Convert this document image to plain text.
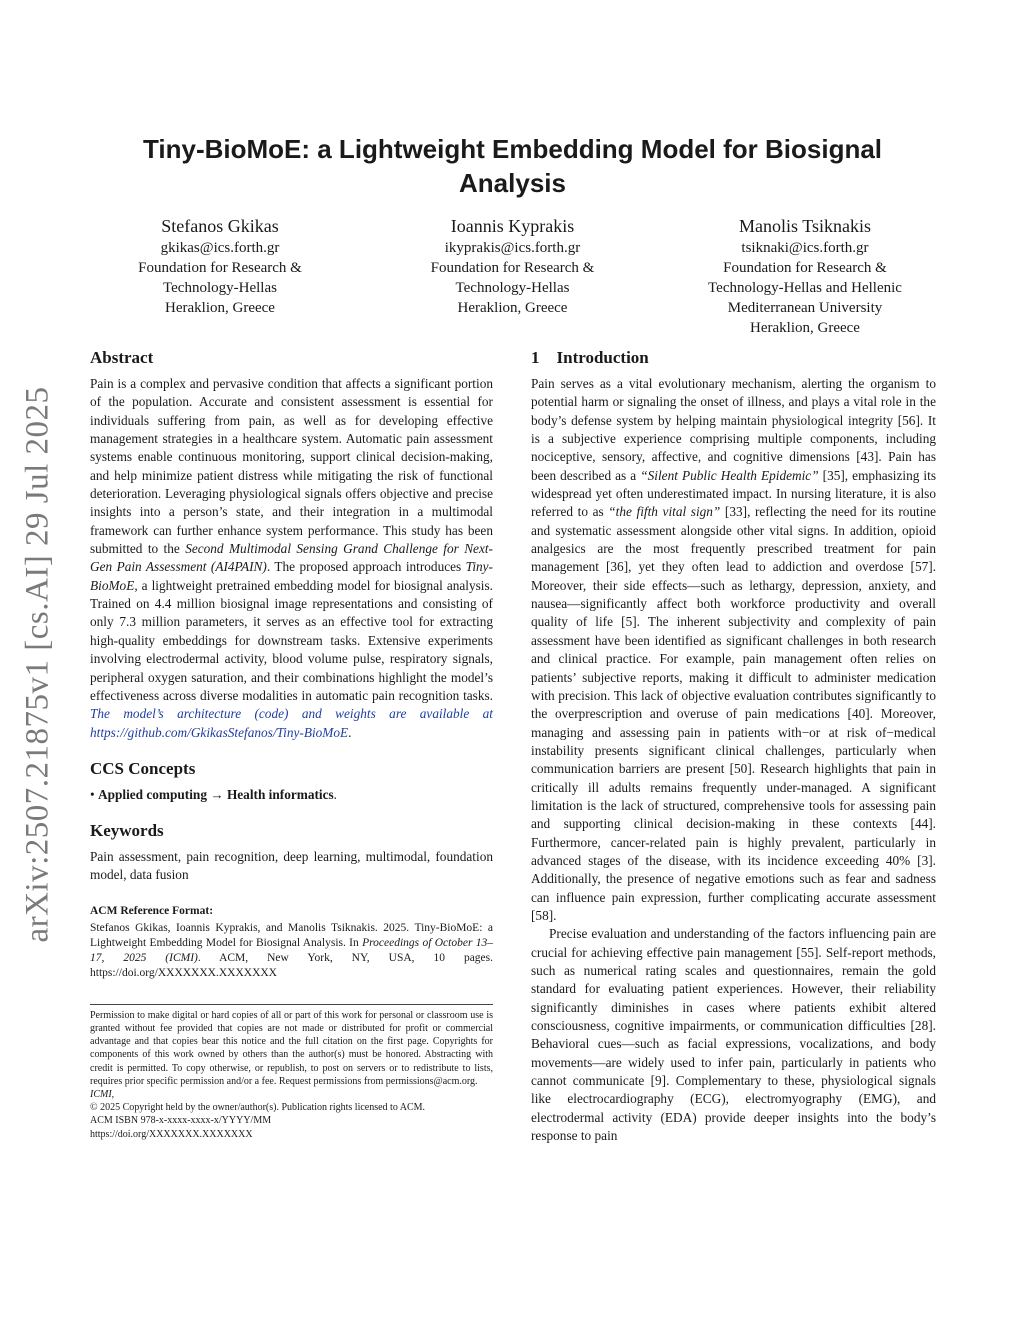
arXiv:2507.21875v1 [cs.AI] 29 Jul 2025
Tiny-BioMoE: a Lightweight Embedding Model for Biosignal
Analysis
Stefanos Gkikas
gkikas@ics.forth.gr
Foundation for Research &
Technology-Hellas
Heraklion, Greece
Ioannis Kyprakis
ikyprakis@ics.forth.gr
Foundation for Research &
Technology-Hellas
Heraklion, Greece
Manolis Tsiknakis
tsiknaki@ics.forth.gr
Foundation for Research &
Technology-Hellas and Hellenic
Mediterranean University
Heraklion, Greece
Abstract

Pain is a complex and pervasive condition that affects a significant portion of the population. Accurate and consistent assessment is essential for individuals suffering from pain, as well as for developing effective management strategies in a healthcare system. Automatic pain assessment systems enable continuous monitoring, support clinical decision-making, and help minimize patient distress while mitigating the risk of functional deterioration. Leveraging physiological signals offers objective and precise insights into a person’s state, and their integration in a multimodal framework can further enhance system performance. This study has been submitted to the Second Multimodal Sensing Grand Challenge for Next-Gen Pain Assessment (AI4PAIN). The proposed approach introduces Tiny-BioMoE, a lightweight pretrained embedding model for biosignal analysis. Trained on 4.4 million biosignal image representations and consisting of only 7.3 million parameters, it serves as an effective tool for extracting high-quality embeddings for downstream tasks. Extensive experiments involving electrodermal activity, blood volume pulse, respiratory signals, peripheral oxygen saturation, and their combinations highlight the model’s effectiveness across diverse modalities in automatic pain recognition tasks. The model’s architecture (code) and weights are available at https://github.com/GkikasStefanos/Tiny-BioMoE.

CCS Concepts
• Applied computing → Health informatics.
Keywords

Pain assessment, pain recognition, deep learning, multimodal, foundation model, data fusion

ACM Reference Format:

Stefanos Gkikas, Ioannis Kyprakis, and Manolis Tsiknakis. 2025. Tiny-BioMoE: a Lightweight Embedding Model for Biosignal Analysis. In Proceedings of October 13–17, 2025 (ICMI). ACM, New York, NY, USA, 10 pages. https://doi.org/XXXXXXX.XXXXXXX

Permission to make digital or hard copies of all or part of this work for personal or classroom use is granted without fee provided that copies are not made or distributed for profit or commercial advantage and that copies bear this notice and the full citation on the first page. Copyrights for components of this work owned by others than the author(s) must be honored. Abstracting with credit is permitted. To copy otherwise, or republish, to post on servers or to redistribute to lists, requires prior specific permission and/or a fee. Request permissions from permissions@acm.org.

ICMI,

© 2025 Copyright held by the owner/author(s). Publication rights licensed to ACM.

ACM ISBN 978-x-xxxx-xxxx-x/YYYY/MM

https://doi.org/XXXXXXX.XXXXXXX

1    Introduction

Pain serves as a vital evolutionary mechanism, alerting the organism to potential harm or signaling the onset of illness, and plays a vital role in the body’s defense system by helping maintain physiological integrity [56]. It is a subjective experience comprising multiple components, including nociceptive, sensory, affective, and cognitive dimensions [43]. Pain has been described as a “Silent Public Health Epidemic” [35], emphasizing its widespread yet often underestimated impact. In nursing literature, it is also referred to as “the fifth vital sign” [33], reflecting the need for its routine and systematic assessment alongside other vital signs. In addition, opioid analgesics are the most frequently prescribed treatment for pain management [36], yet they often lead to addiction and overdose [57]. Moreover, their side effects—such as lethargy, depression, anxiety, and nausea—significantly affect both workforce productivity and overall quality of life [5]. The inherent subjectivity and complexity of pain assessment have been identified as significant challenges in both research and clinical practice. For example, pain management often relies on patients’ subjective reports, making it difficult to administer medication with precision. This lack of objective evaluation contributes significantly to the overprescription and overuse of pain medications [40]. Moreover, managing and assessing pain in patients with−or at risk of−medical instability presents significant clinical challenges, particularly when communication barriers are present [50]. Research highlights that pain in critically ill adults remains frequently under-managed. A significant limitation is the lack of structured, comprehensive tools for assessing pain and supporting clinical decision-making in these contexts [44]. Furthermore, cancer-related pain is highly prevalent, particularly in advanced stages of the disease, with its incidence exceeding 40% [3]. Additionally, the presence of negative emotions such as fear and sadness can influence pain expression, further complicating accurate assessment [58].

Precise evaluation and understanding of the factors influencing pain are crucial for achieving effective pain management [55]. Self-report methods, such as numerical rating scales and questionnaires, remain the gold standard for evaluating patient experiences. However, their reliability significantly diminishes in cases where patients exhibit altered consciousness, cognitive impairments, or communication difficulties [28]. Behavioral cues—such as facial expressions, vocalizations, and body movements—are widely used to infer pain, particularly in patients who cannot communicate [9]. Complementary to these, physiological signals like electrocardiography (ECG), electromyography (EMG), and electrodermal activity (EDA) provide deeper insights into the body’s response to pain
